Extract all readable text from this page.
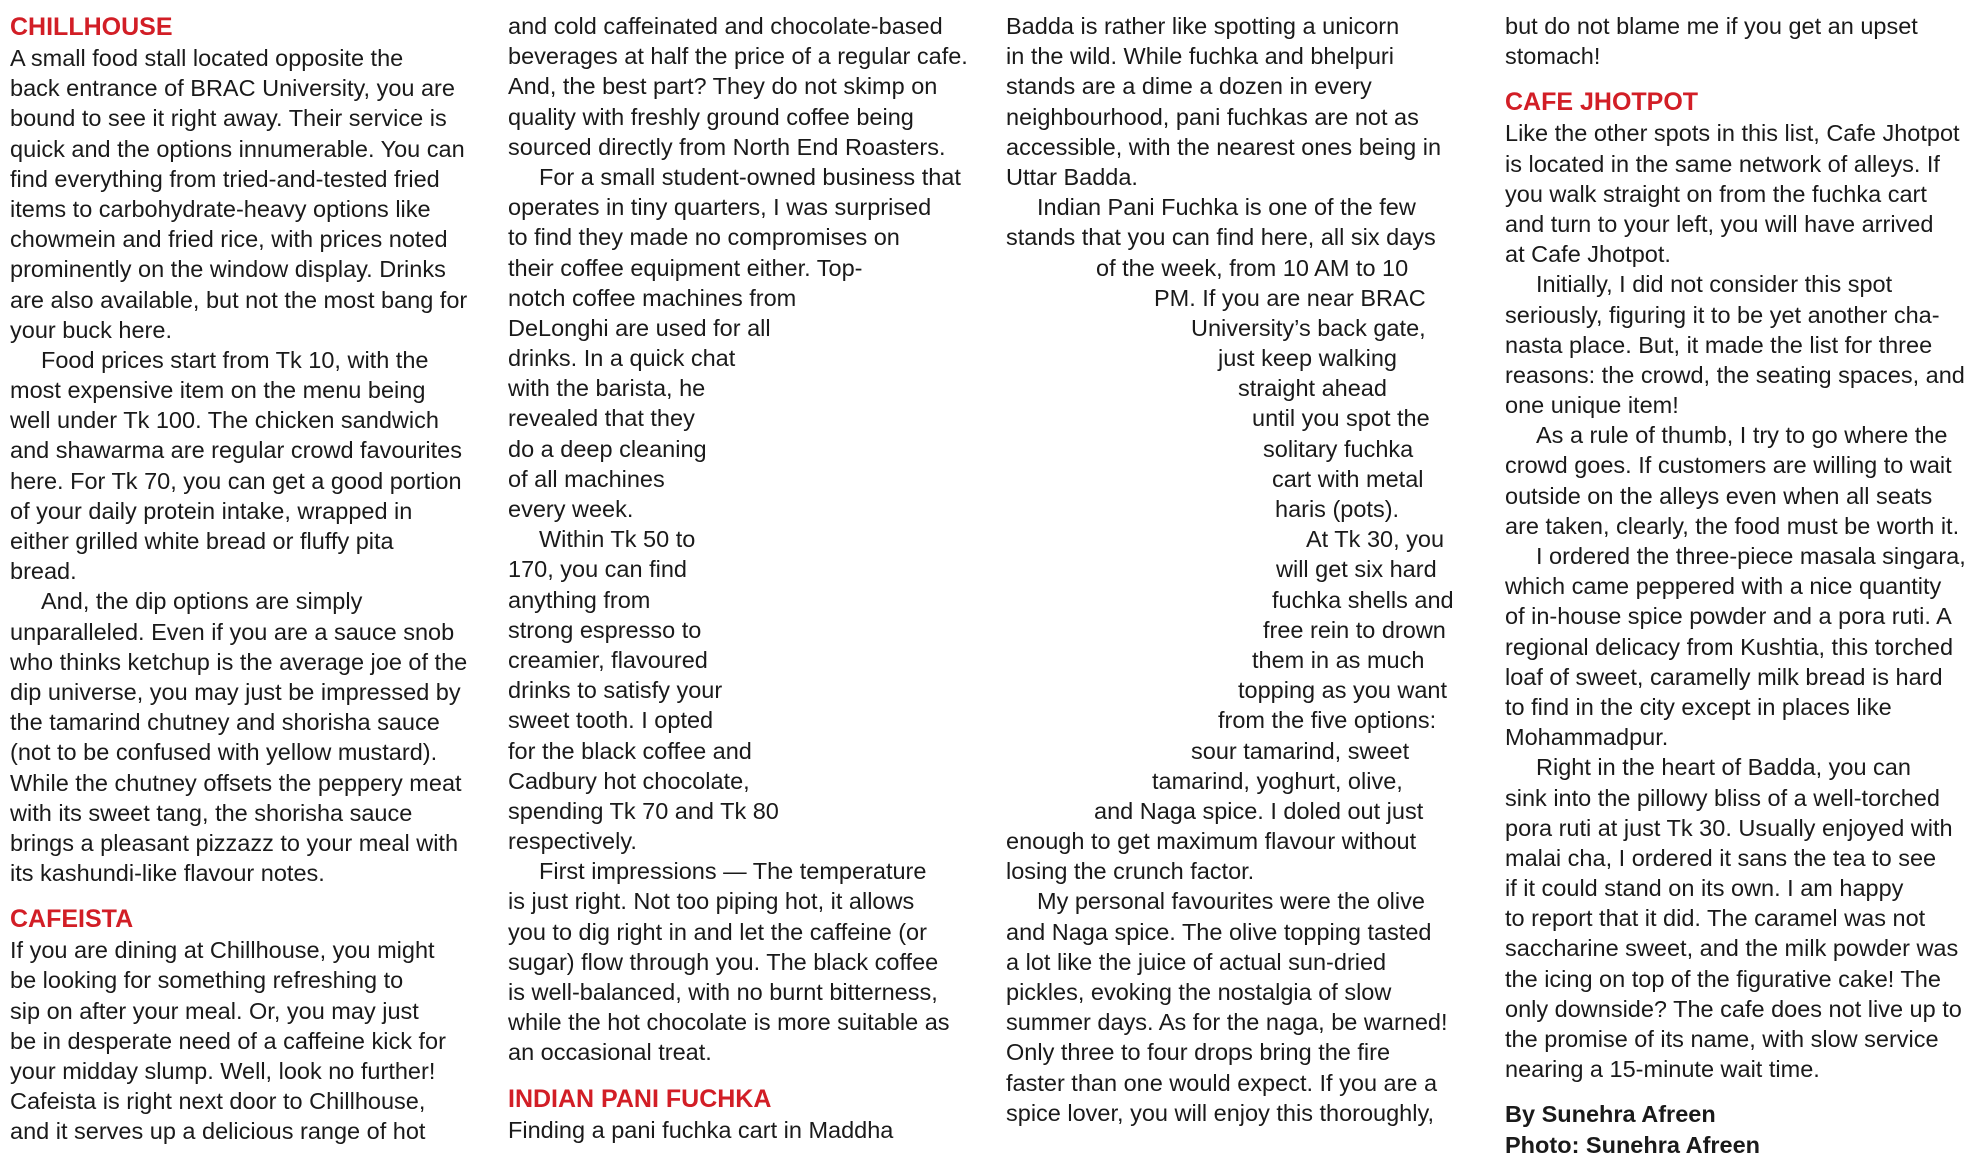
CHILLHOUSE
A small food stall located opposite the
back entrance of BRAC University, you are
bound to see it right away. Their service is
quick and the options innumerable. You can
find everything from tried-and-tested fried
items to carbohydrate-heavy options like
chowmein and fried rice, with prices noted
prominently on the window display. Drinks
are also available, but not the most bang for
your buck here.
Food prices start from Tk 10, with the
most expensive item on the menu being
well under Tk 100. The chicken sandwich
and shawarma are regular crowd favourites
here. For Tk 70, you can get a good portion
of your daily protein intake, wrapped in
either grilled white bread or fluffy pita
bread.
And, the dip options are simply
unparalleled. Even if you are a sauce snob
who thinks ketchup is the average joe of the
dip universe, you may just be impressed by
the tamarind chutney and shorisha sauce
(not to be confused with yellow mustard).
While the chutney offsets the peppery meat
with its sweet tang, the shorisha sauce
brings a pleasant pizzazz to your meal with
its kashundi-like flavour notes.
CAFEISTA
If you are dining at Chillhouse, you might
be looking for something refreshing to
sip on after your meal. Or, you may just
be in desperate need of a caffeine kick for
your midday slump. Well, look no further!
Cafeista is right next door to Chillhouse,
and it serves up a delicious range of hot
and cold caffeinated and chocolate-based
beverages at half the price of a regular cafe.
And, the best part? They do not skimp on
quality with freshly ground coffee being
sourced directly from North End Roasters.
For a small student-owned business that
operates in tiny quarters, I was surprised
to find they made no compromises on
their coffee equipment either. Top-
notch coffee machines from
DeLonghi are used for all
drinks. In a quick chat
with the barista, he
revealed that they
do a deep cleaning
of all machines
every week.
Within Tk 50 to
170, you can find
anything from
strong espresso to
creamier, flavoured
drinks to satisfy your
sweet tooth. I opted
for the black coffee and
Cadbury hot chocolate,
spending Tk 70 and Tk 80
respectively.
First impressions — The temperature
is just right. Not too piping hot, it allows
you to dig right in and let the caffeine (or
sugar) flow through you. The black coffee
is well-balanced, with no burnt bitterness,
while the hot chocolate is more suitable as
an occasional treat.
INDIAN PANI FUCHKA
Finding a pani fuchka cart in Maddha
Badda is rather like spotting a unicorn
in the wild. While fuchka and bhelpuri
stands are a dime a dozen in every
neighbourhood, pani fuchkas are not as
accessible, with the nearest ones being in
Uttar Badda.
Indian Pani Fuchka is one of the few
stands that you can find here, all six days
of the week, from 10 AM to 10
PM. If you are near BRAC
University’s back gate,
just keep walking
straight ahead
until you spot the
solitary fuchka
cart with metal
haris (pots).
At Tk 30, you
will get six hard
fuchka shells and
free rein to drown
them in as much
topping as you want
from the five options:
sour tamarind, sweet
tamarind, yoghurt, olive,
and Naga spice. I doled out just
enough to get maximum flavour without
losing the crunch factor.
My personal favourites were the olive
and Naga spice. The olive topping tasted
a lot like the juice of actual sun-dried
pickles, evoking the nostalgia of slow
summer days. As for the naga, be warned!
Only three to four drops bring the fire
faster than one would expect. If you are a
spice lover, you will enjoy this thoroughly,
but do not blame me if you get an upset
stomach!
CAFE JHOTPOT
Like the other spots in this list, Cafe Jhotpot
is located in the same network of alleys. If
you walk straight on from the fuchka cart
and turn to your left, you will have arrived
at Cafe Jhotpot.
Initially, I did not consider this spot
seriously, figuring it to be yet another cha-
nasta place. But, it made the list for three
reasons: the crowd, the seating spaces, and
one unique item!
As a rule of thumb, I try to go where the
crowd goes. If customers are willing to wait
outside on the alleys even when all seats
are taken, clearly, the food must be worth it.
I ordered the three-piece masala singara,
which came peppered with a nice quantity
of in-house spice powder and a pora ruti. A
regional delicacy from Kushtia, this torched
loaf of sweet, caramelly milk bread is hard
to find in the city except in places like
Mohammadpur.
Right in the heart of Badda, you can
sink into the pillowy bliss of a well-torched
pora ruti at just Tk 30. Usually enjoyed with
malai cha, I ordered it sans the tea to see
if it could stand on its own. I am happy
to report that it did. The caramel was not
saccharine sweet, and the milk powder was
the icing on top of the figurative cake! The
only downside? The cafe does not live up to
the promise of its name, with slow service
nearing a 15-minute wait time.
By Sunehra Afreen
Photo: Sunehra Afreen
